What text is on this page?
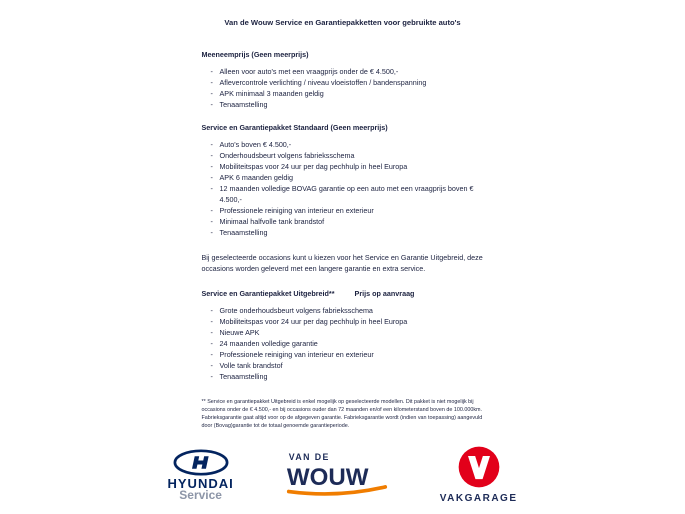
Van de Wouw Service en Garantiepakketten voor gebruikte auto's
Meeneemprijs (Geen meerprijs)
- Alleen voor auto's met een vraagprijs onder de € 4.500,-
- Aflevercontrole verlichting / niveau vloeistoffen / bandenspanning
- APK minimaal 3 maanden geldig
- Tenaamstelling
Service en Garantiepakket Standaard (Geen meerprijs)
- Auto's boven € 4.500,-
- Onderhoudsbeurt volgens fabrieksschema
- Mobiliteitspas voor 24 uur per dag pechhulp in heel Europa
- APK 6 maanden geldig
- 12 maanden volledige BOVAG garantie op een auto met een vraagprijs boven € 4.500,-
- Professionele reiniging van interieur en exterieur
- Minimaal halfvolle tank brandstof
- Tenaamstelling

Bij geselecteerde occasions kunt u kiezen voor het Service en Garantie Uitgebreid, deze occasions worden geleverd met een langere garantie en extra service.

Service en Garantiepakket Uitgebreid**	Prijs op aanvraag
- Grote onderhoudsbeurt volgens fabrieksschema
- Mobiliteitspas voor 24 uur per dag pechhulp in heel Europa
- Nieuwe APK
- 24 maanden volledige garantie
- Professionele reiniging van interieur en exterieur
- Volle tank brandstof
- Tenaamstelling

** Service en garantiepakket Uitgebreid is enkel mogelijk op geselecteerde modellen. Dit pakket is niet mogelijk bij occasions onder de € 4.500,- en bij occasions ouder dan 72 maanden en/of een kilometerstand boven de 100.000km. Fabrieksgarantie gaat altijd voor op de afgegeven garantie. Fabrieksgarantie wordt (indien van toepassing) aangevuld door (Bovag)garantie tot de totaal genoemde garantieperiode.

HYUNDAI
Service
VAN DE
WOUW
VAKGARAGE
